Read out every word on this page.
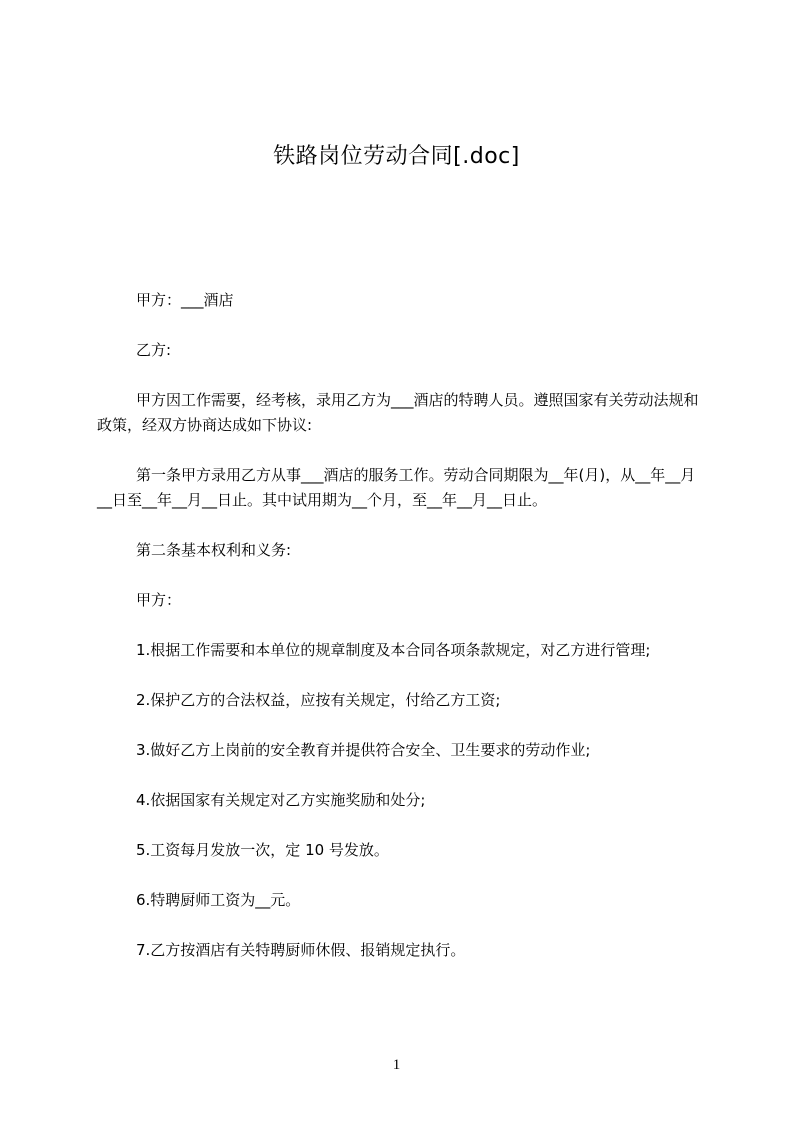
铁路岗位劳动合同[.doc]

甲方：___酒店

乙方:

甲方因工作需要，经考核，录用乙方为___酒店的特聘人员。遵照国家有关劳动法规和政策，经双方协商达成如下协议:

第一条甲方录用乙方从事___酒店的服务工作。劳动合同期限为__年(月)，从__年__月__日至__年__月__日止。其中试用期为__个月，至__年__月__日止。

第二条基本权利和义务:

甲方：

1.根据工作需要和本单位的规章制度及本合同各项条款规定，对乙方进行管理;

2.保护乙方的合法权益，应按有关规定，付给乙方工资;

3.做好乙方上岗前的安全教育并提供符合安全、卫生要求的劳动作业;

4.依据国家有关规定对乙方实施奖励和处分;

5.工资每月发放一次，定 10 号发放。

6.特聘厨师工资为__元。

7.乙方按酒店有关特聘厨师休假、报销规定执行。

1
